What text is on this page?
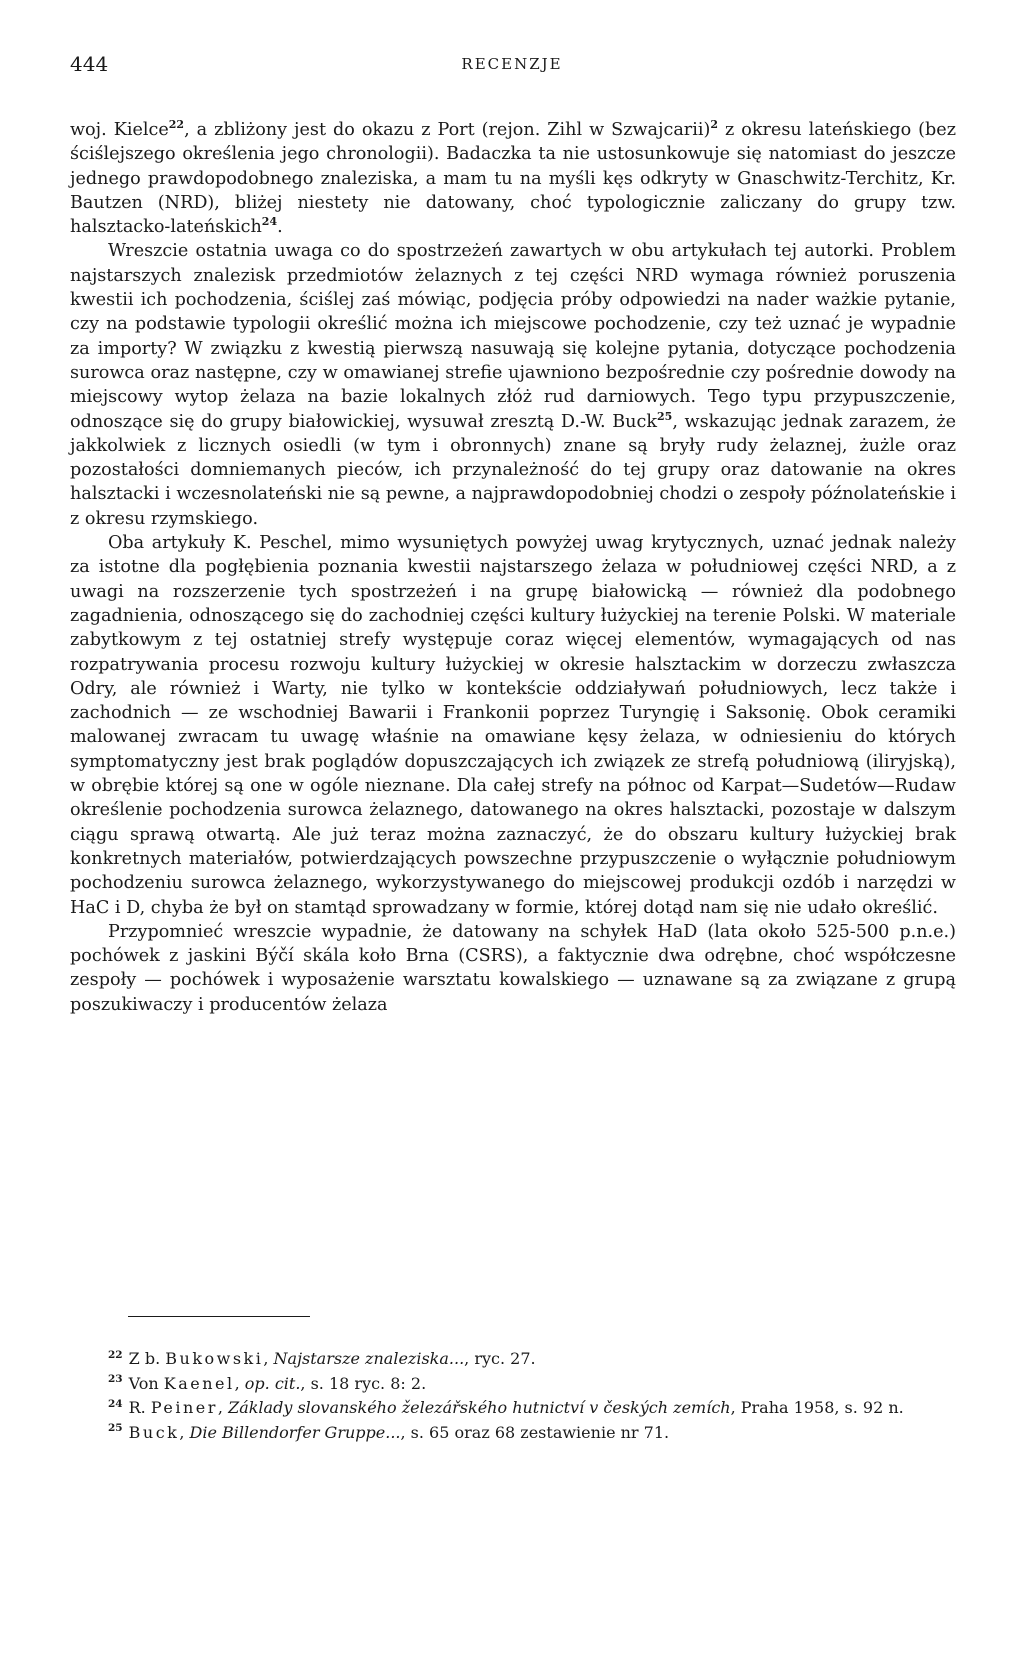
444	RECENZJE

woj. Kielce$^{22}$, a zbliżony jest do okazu z Port (rejon. Zihl w Szwajcarii)$^2$ z okresu lateńskiego (bez ściślejszego określenia jego chronologii). Badaczka ta nie ustosunkowuje się natomiast do jeszcze jednego prawdopodobnego znaleziska, a mam tu na myśli kęs odkryty w Gnaschwitz-Terchitz, Kr. Bautzen (NRD), bliżej niestety nie datowany, choć typologicznie zaliczany do grupy tzw. halsztacko-lateńskich$^{24}$.

Wreszcie ostatnia uwaga co do spostrzeżeń zawartych w obu artykułach tej autorki. Problem najstarszych znalezisk przedmiotów żelaznych z tej części NRD wymaga również poruszenia kwestii ich pochodzenia, ściślej zaś mówiąc, podjęcia próby odpowiedzi na nader ważkie pytanie, czy na podstawie typologii określić można ich miejscowe pochodzenie, czy też uznać je wypadnie za importy? W związku z kwestią pierwszą nasuwają się kolejne pytania, dotyczące pochodzenia surowca oraz następne, czy w omawianej strefie ujawniono bezpośrednie czy pośrednie dowody na miejscowy wytop żelaza na bazie lokalnych złóż rud darniowych. Tego typu przypuszczenie, odnoszące się do grupy białowickiej, wysuwał zresztą D.-W. Buck$^{25}$, wskazując jednak zarazem, że jakkolwiek z licznych osiedli (w tym i obronnych) znane są bryły rudy żelaznej, żużle oraz pozostałości domniemanych pieców, ich przynależność do tej grupy oraz datowanie na okres halsztacki i wczesnolateński nie są pewne, a najprawdopodobniej chodzi o zespoły późnolateńskie i z okresu rzymskiego.

Oba artykuły K. Peschel, mimo wysuniętych powyżej uwag krytycznych, uznać jednak należy za istotne dla pogłębienia poznania kwestii najstarszego żelaza w południowej części NRD, a z uwagi na rozszerzenie tych spostrzeżeń i na grupę białowicką — również dla podobnego zagadnienia, odnoszącego się do zachodniej części kultury łużyckiej na terenie Polski. W materiale zabytkowym z tej ostatniej strefy występuje coraz więcej elementów, wymagających od nas rozpatrywania procesu rozwoju kultury łużyckiej w okresie halsztackim w dorzeczu zwłaszcza Odry, ale również i Warty, nie tylko w kontekście oddziaływań południowych, lecz także i zachodnich — ze wschodniej Bawarii i Frankonii poprzez Turyngię i Saksonię. Obok ceramiki malowanej zwracam tu uwagę właśnie na omawiane kęsy żelaza, w odniesieniu do których symptomatyczny jest brak poglądów dopuszczających ich związek ze strefą południową (iliryjską), w obrębie której są one w ogóle nieznane. Dla całej strefy na północ od Karpat—Sudetów—Rudaw określenie pochodzenia surowca żelaznego, datowanego na okres halsztacki, pozostaje w dalszym ciągu sprawą otwartą. Ale już teraz można zaznaczyć, że do obszaru kultury łużyckiej brak konkretnych materiałów, potwierdzających powszechne przypuszczenie o wyłącznie południowym pochodzeniu surowca żelaznego, wykorzystywanego do miejscowej produkcji ozdób i narzędzi w HaC i D, chyba że był on stamtąd sprowadzany w formie, której dotąd nam się nie udało określić.

Przypomnieć wreszcie wypadnie, że datowany na schyłek HaD (lata około 525-500 p.n.e.) pochówek z jaskini Býčí skála koło Brna (CSRS), a faktycznie dwa odrębne, choć współczesne zespoły — pochówek i wyposażenie warsztatu kowalskiego — uznawane są za związane z grupą poszukiwaczy i producentów żelaza

$^{22}$ Z b. Bukowski, Najstarsze znaleziska..., ryc. 27.

$^{23}$ Von Kaenel, op. cit., s. 18 ryc. 8: 2.

$^{24}$ R. Peiner, Základy slovanského železářského hutnictví v českých zemích, Praha 1958, s. 92 n.

$^{25}$ Buck, Die Billendorfer Gruppe..., s. 65 oraz 68 zestawienie nr 71.
